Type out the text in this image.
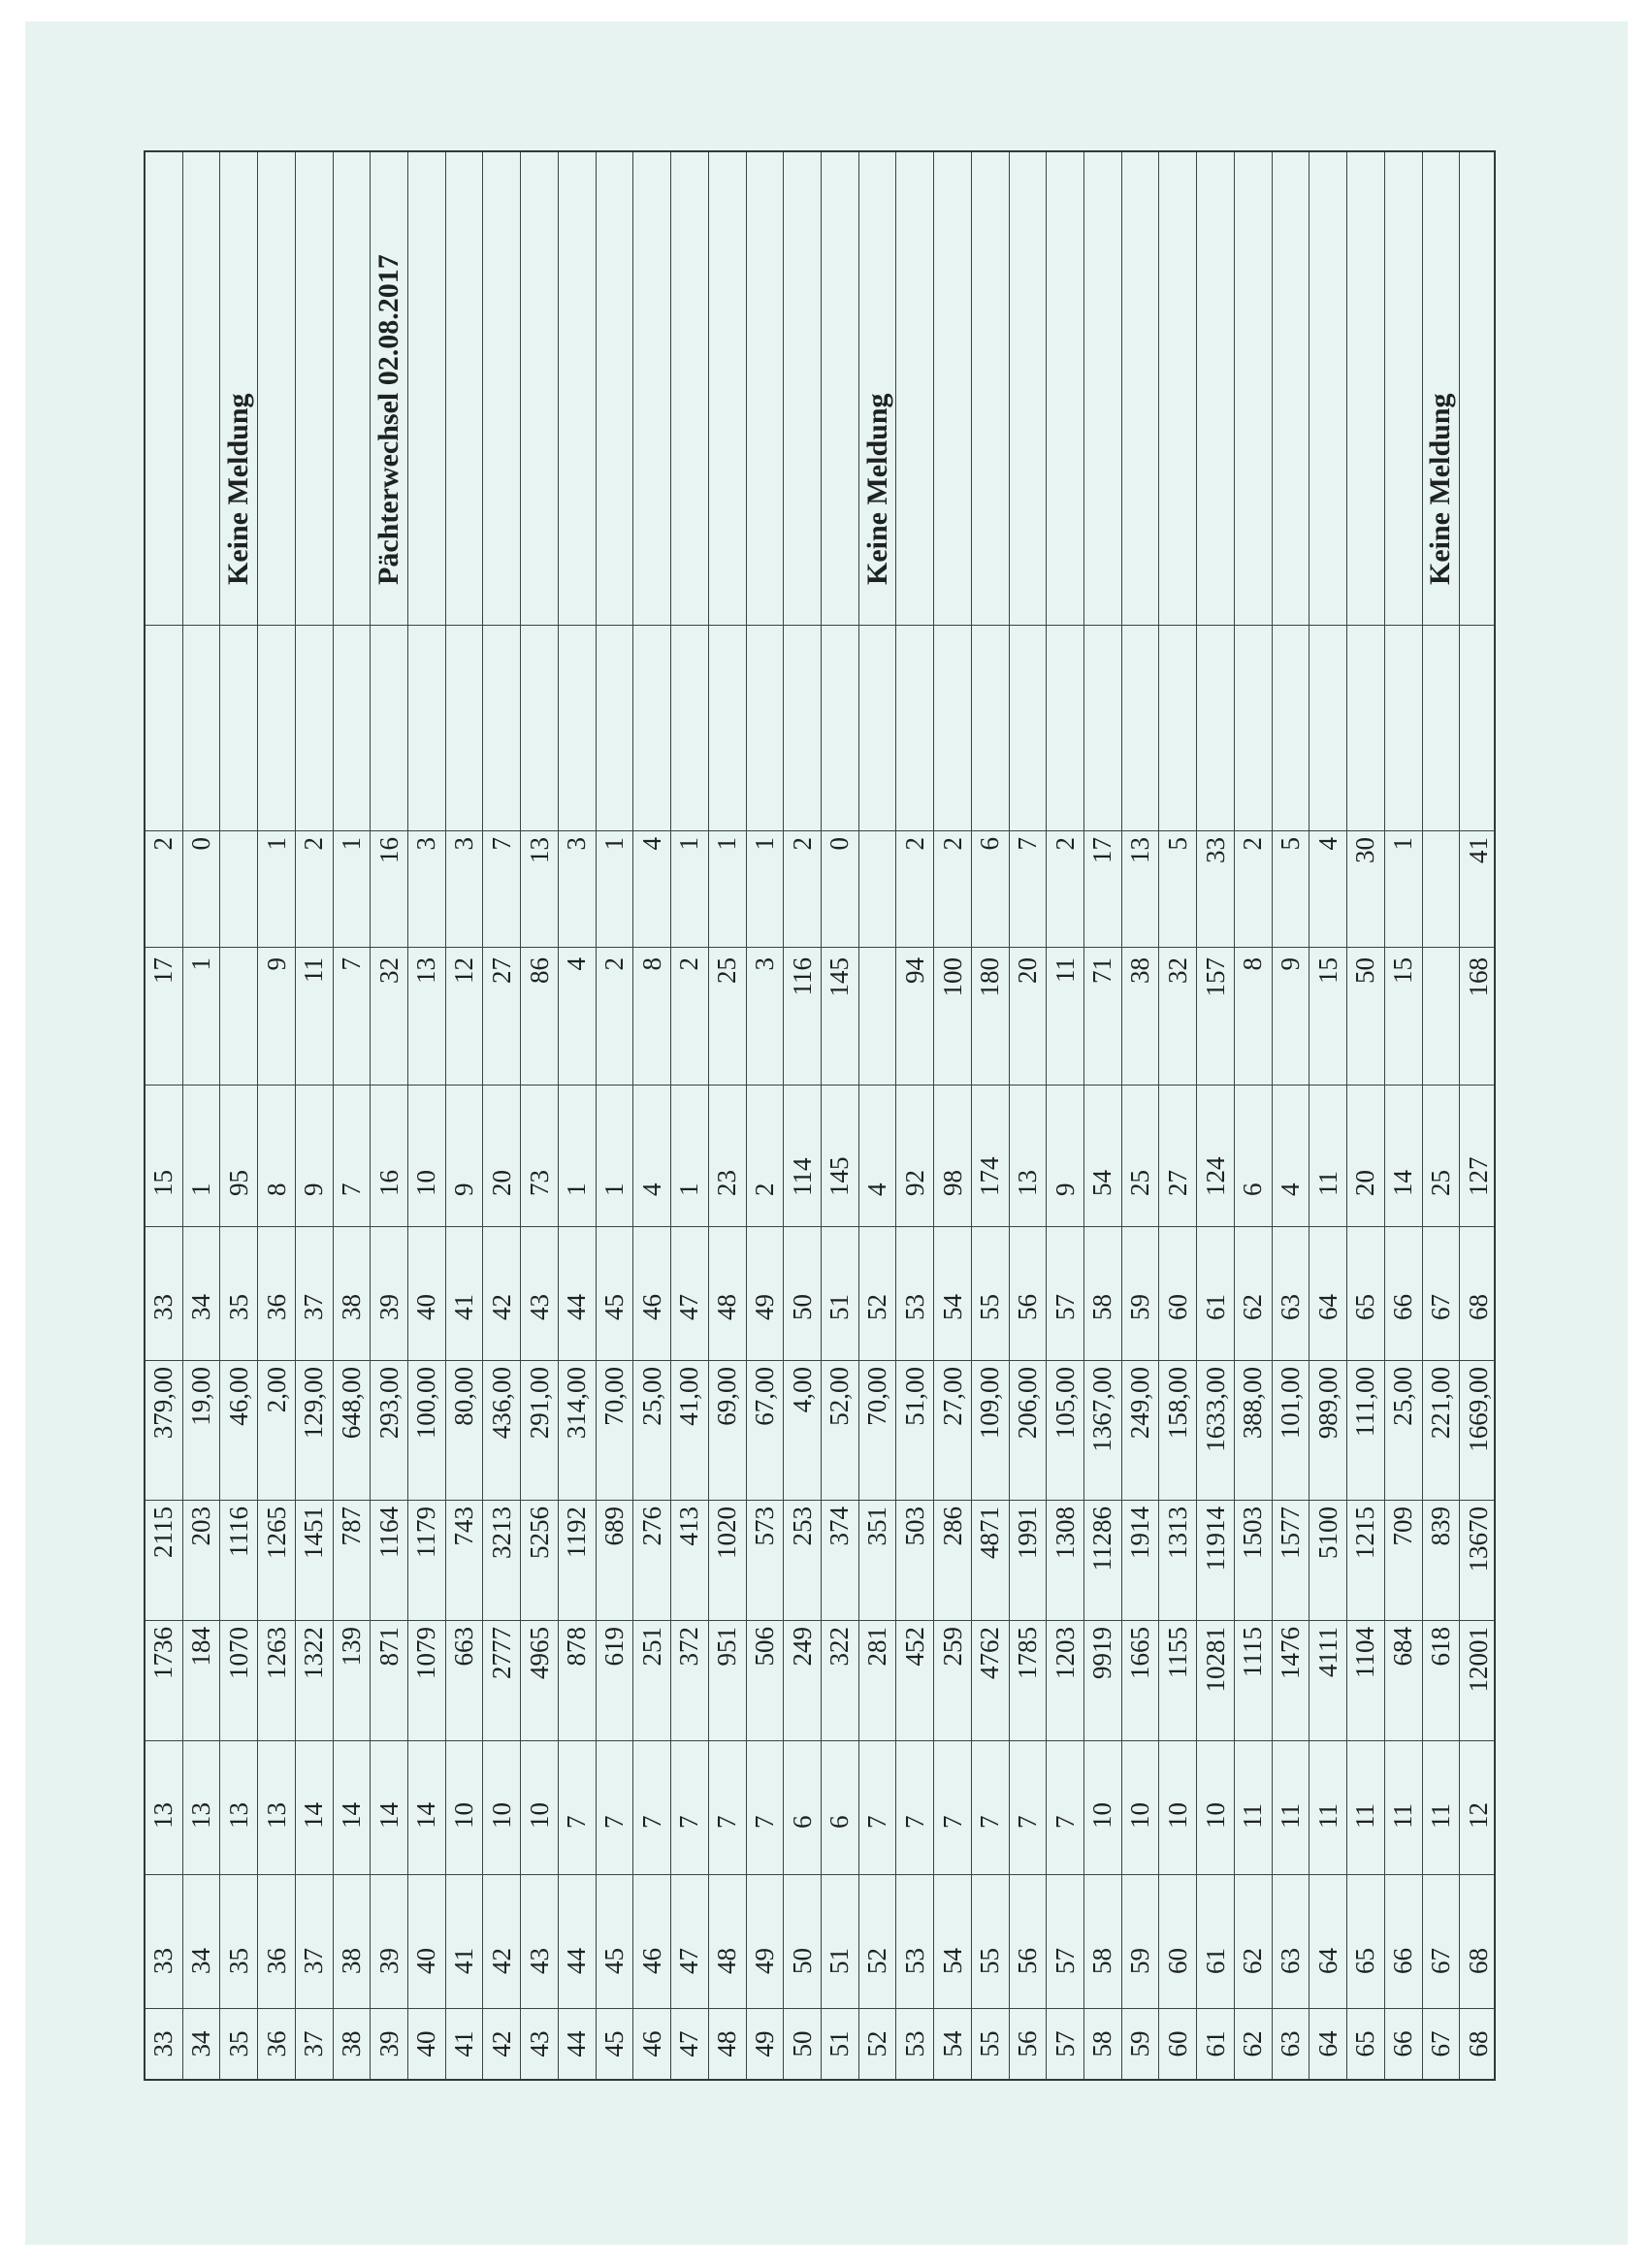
33
33
13
1736
2115
379,00
33
15
17
2
34
34
13
184
203
19,00
34
1
1
0
35
35
13
1070
1116
46,00
35
95
Keine Meldung
36
36
13
1263
1265
2,00
36
8
9
1
37
37
14
1322
1451
129,00
37
9
11
2
38
38
14
139
787
648,00
38
7
7
1
39
39
14
871
1164
293,00
39
16
32
16
Pächterwechsel 02.08.2017
40
40
14
1079
1179
100,00
40
10
13
3
41
41
10
663
743
80,00
41
9
12
3
42
42
10
2777
3213
436,00
42
20
27
7
43
43
10
4965
5256
291,00
43
73
86
13
44
44
7
878
1192
314,00
44
1
4
3
45
45
7
619
689
70,00
45
1
2
1
46
46
7
251
276
25,00
46
4
8
4
47
47
7
372
413
41,00
47
1
2
1
48
48
7
951
1020
69,00
48
23
25
1
49
49
7
506
573
67,00
49
2
3
1
50
50
6
249
253
4,00
50
114
116
2
51
51
6
322
374
52,00
51
145
145
0
52
52
7
281
351
70,00
52
4
Keine Meldung
53
53
7
452
503
51,00
53
92
94
2
54
54
7
259
286
27,00
54
98
100
2
55
55
7
4762
4871
109,00
55
174
180
6
56
56
7
1785
1991
206,00
56
13
20
7
57
57
7
1203
1308
105,00
57
9
11
2
58
58
10
9919
11286
1367,00
58
54
71
17
59
59
10
1665
1914
249,00
59
25
38
13
60
60
10
1155
1313
158,00
60
27
32
5
61
61
10
10281
11914
1633,00
61
124
157
33
62
62
11
1115
1503
388,00
62
6
8
2
63
63
11
1476
1577
101,00
63
4
9
5
64
64
11
4111
5100
989,00
64
11
15
4
65
65
11
1104
1215
111,00
65
20
50
30
66
66
11
684
709
25,00
66
14
15
1
67
67
11
618
839
221,00
67
25
Keine Meldung
68
68
12
12001
13670
1669,00
68
127
168
41
